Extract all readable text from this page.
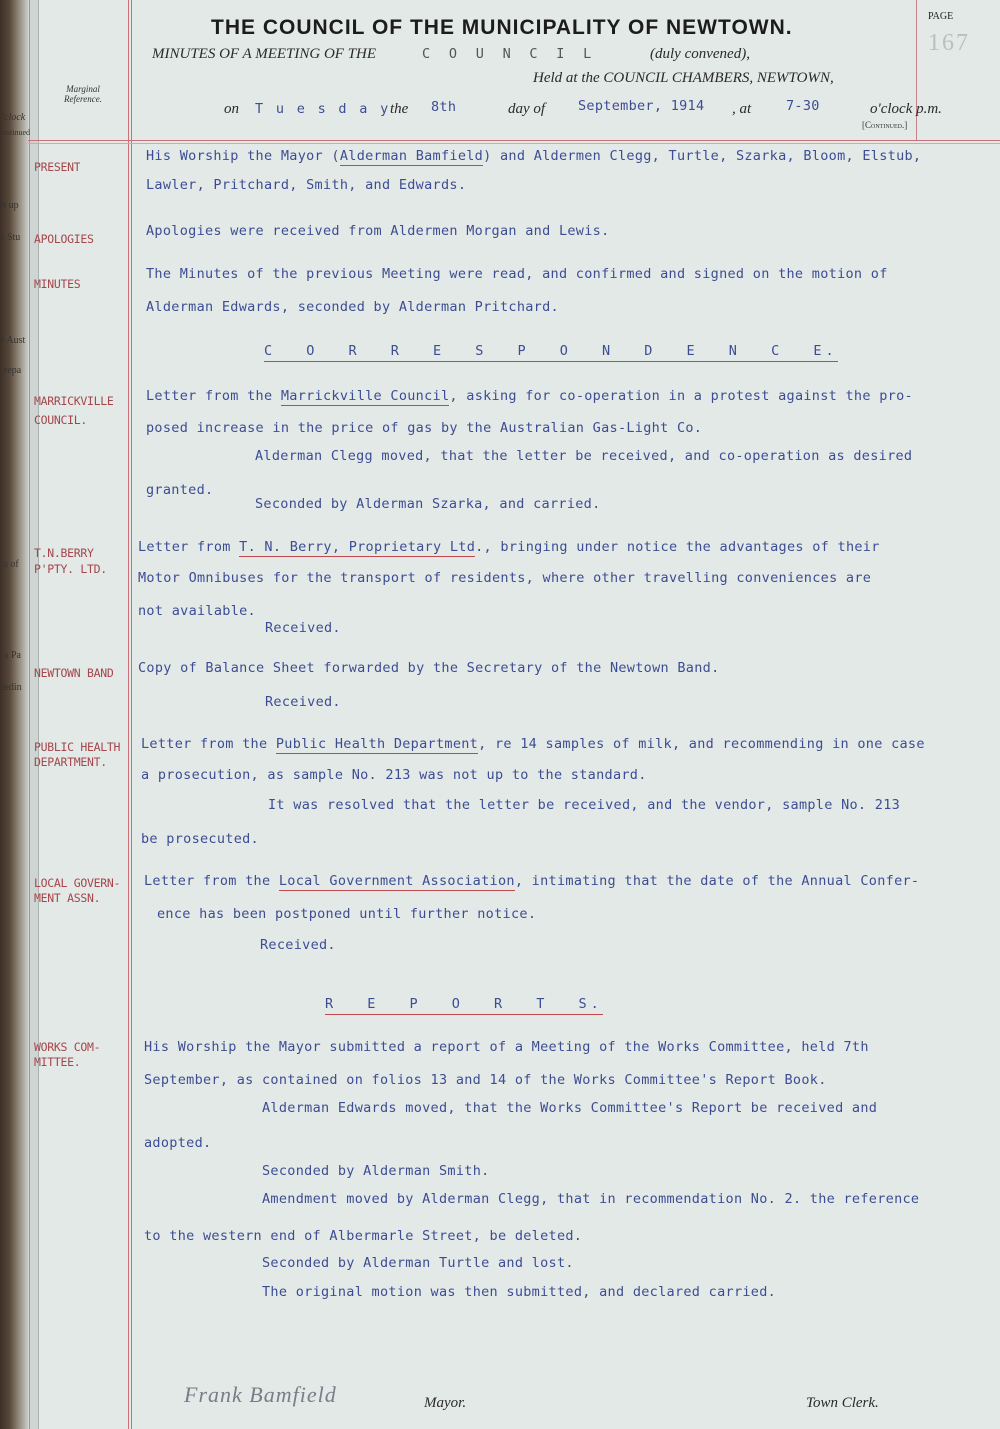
'clock
ontinued
rt up
e Stu
e Aust
repa
s of
a Pa
eedin
THE COUNCIL OF THE MUNICIPALITY OF NEWTOWN.
MINUTES OF A MEETING OF THE	C O U N C I L	(duly convened),
Held at the COUNCIL CHAMBERS, NEWTOWN,
Marginal Reference.
on T u e s d a y the 8th	day of September, 1914 , at	7-30	o'clock p.m.
[Continued.]
PAGE
167
Frank Bamfield	Mayor.	Town Clerk.
PRESENT
His Worship the Mayor (Alderman Bamfield) and Aldermen Clegg, Turtle, Szarka, Bloom, Elstub,
Lawler, Pritchard, Smith, and Edwards.
APOLOGIES	Apologies were received from Aldermen Morgan and Lewis.
MINUTES
The Minutes of the previous Meeting were read, and confirmed and signed on the motion of
Alderman Edwards, seconded by Alderman Pritchard.
C O R R E S P O N D E N C E.
MARRICKVILLE
COUNCIL.
Letter from the Marrickville Council, asking for co-operation in a protest against the pro-
posed increase in the price of gas by the Australian Gas-Light Co.
Alderman Clegg moved, that the letter be received, and co-operation as desired
granted.
Seconded by Alderman Szarka, and carried.
T.N.BERRY
P'PTY. LTD.
Letter from T. N. Berry, Proprietary Ltd., bringing under notice the advantages of their
Motor Omnibuses for the transport of residents, where other travelling conveniences are
not available.
Received.
NEWTOWN BAND Copy of Balance Sheet forwarded by the Secretary of the Newtown Band.
Received.
PUBLIC HEALTH
DEPARTMENT.
Letter from the Public Health Department, re 14 samples of milk, and recommending in one case
a prosecution, as sample No. 213 was not up to the standard.
It was resolved that the letter be received, and the vendor, sample No. 213
be prosecuted.
LOCAL GOVERN-
MENT ASSN.
Letter from the Local Government Association, intimating that the date of the Annual Confer-
ence has been postponed until further notice.
Received.
R E P O R T S.
WORKS COM-
MITTEE.
His Worship the Mayor submitted a report of a Meeting of the Works Committee, held 7th
September, as contained on folios 13 and 14 of the Works Committee's Report Book.
Alderman Edwards moved, that the Works Committee's Report be received and
adopted.
Seconded by Alderman Smith.
Amendment moved by Alderman Clegg, that in recommendation No. 2. the reference
to the western end of Albermarle Street, be deleted.
Seconded by Alderman Turtle and lost.
The original motion was then submitted, and declared carried.
